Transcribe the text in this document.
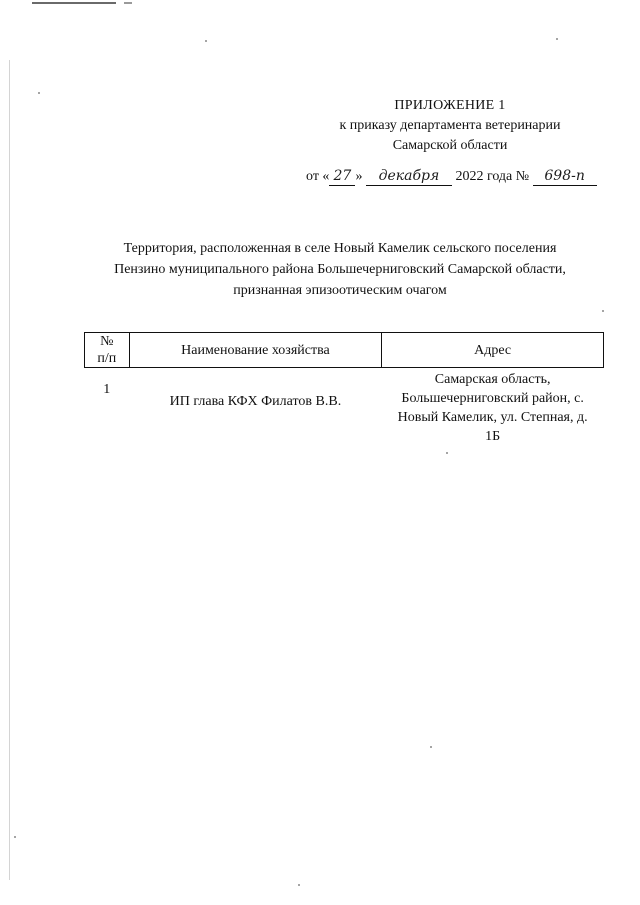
ПРИЛОЖЕНИЕ 1
к приказу департамента ветеринарии
Самарской области
от « 27 » декабря 2022 года № 698-п
Территория, расположенная в селе Новый Камелик сельского поселения
Пензино муниципального района Большечерниговский Самарской области,
признанная эпизоотическим очагом
№
п/п	Наименование хозяйства	Адрес
1	ИП глава КФХ Филатов В.В.	Самарская область,
Большечерниговский район, с.
Новый Камелик, ул. Степная, д.
1Б
